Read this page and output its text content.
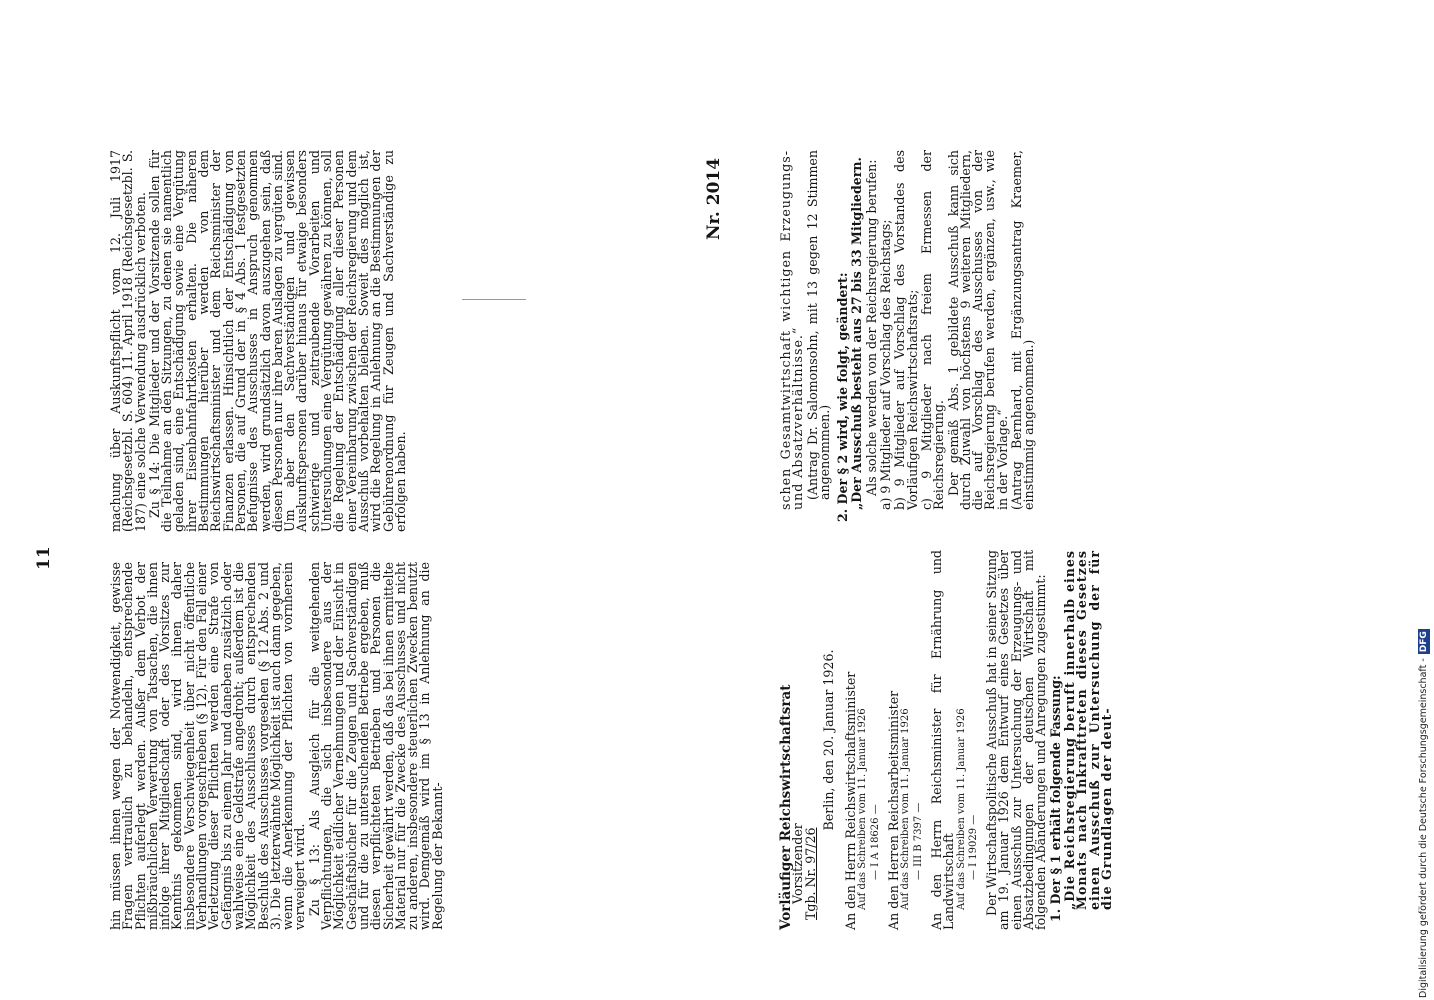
11

hin müssen ihnen wegen der Notwendigkeit, gewisse Fragen vertraulich zu behandeln, entsprechende Pflichten auferlegt werden. Außer dem Verbot der mißbräuchlichen Verwertung von Tatsachen, die ihnen infolge ihrer Mitgliedschaft oder des Vorsitzes zur Kenntnis gekommen sind, wird ihnen daher insbesondere Verschwiegenheit über nicht öffentliche Verhandlungen vorgeschrieben (§ 12). Für den Fall einer Verletzung dieser Pflichten werden eine Strafe von Gefängnis bis zu einem Jahr und daneben zusätzlich oder wahlweise eine Geldstrafe angedroht; außerdem ist die Möglichkeit des Ausschlusses durch entsprechenden Beschluß des Ausschusses vorgesehen (§ 12 Abs. 2 und 3). Die letzterwähnte Möglichkeit ist auch dann gegeben, wenn die Anerkennung der Pflichten von vornherein verweigert wird. Zu § 13: Als Ausgleich für die weitgehenden Verpflichtungen, die sich insbesondere aus der Möglichkeit eidlicher Vernehmungen und der Einsicht in Geschäftsbücher für die Zeugen und Sachverständigen und für die zu untersuchenden Betriebe ergeben, muß diesen verpflichteten Betrieben und Personen die Sicherheit gewährt werden, daß das bei ihnen ermittelte Material nur für die Zwecke des Ausschusses und nicht zu anderen, insbesondere steuerlichen Zwecken benutzt wird. Demgemäß wird im § 13 in Anlehnung an die Regelung der Bekannt-

machung über Auskunftspflicht vom 12. Juli 1917 (Reichsgesetzbl. S. 604) 11. April 1918 (Reichsgesetzbl. S. 187) eine solche Verwendung ausdrücklich verboten. Zu § 14: Die Mitglieder und der Vorsitzende sollen für die Teilnahme an den Sitzungen, zu denen sie namentlich geladen sind, eine Entschädigung sowie eine Vergütung ihrer Eisenbahnfahrtkosten erhalten. Die näheren Bestimmungen hierüber werden von dem Reichswirtschaftsminister und dem Reichsminister der Finanzen erlassen. Hinsichtlich der Entschädigung von Personen, die auf Grund der in § 4 Abs. 1 festgesetzten Befugnisse des Ausschusses in Anspruch genommen werden, wird grundsätzlich davon auszugehen sein, daß diesen Personen nur ihre baren Auslagen zu vergüten sind. Um aber den Sachverständigen und gewissen Auskunftspersonen darüber hinaus für etwaige besonders schwierige und zeitraubende Vorarbeiten und Untersuchungen eine Vergütung gewähren zu können, soll die Regelung der Entschädigung aller dieser Personen einer Vereinbarung zwischen der Reichsregierung und dem Ausschuß vorbehalten bleiben. Soweit dies möglich ist, wird die Regelung in Anlehnung an die Bestimmungen der Gebührenordnung für Zeugen und Sachverständige zu erfolgen haben.

Nr. 2014
Vorläufiger Reichswirtschaftsrat
Vorsitzender
Tgb. Nr. 97/26
Berlin, den 20. Januar 1926. An den Herrn Reichswirtschaftsminister Auf das Schreiben vom 11. Januar 1926 — I A 18626 — An den Herren Reichsarbeitsminister Auf das Schreiben vom 11. Januar 1926 — III B 7397 — An den Herrn Reichsminister für Ernährung und Landwirtschaft Auf das Schreiben vom 11. Januar 1926 — I 19029 — Der Wirtschaftspolitische Ausschuß hat in seiner Sitzung am 19. Januar 1926 dem Entwurf eines Gesetzes über einen Ausschuß zur Untersuchung der Erzeugungs- und Absatzbedingungen der deutschen Wirtschaft mit folgenden Abänderungen und Anregungen zugestimmt: 1. Der § 1 erhält folgende Fassung: „Die Reichsregierung beruft innerhalb eines Monats nach Inkrafttreten dieses Gesetzes einen Ausschuß zur Untersuchung der für die Grundlagen der deut-

schen Gesamtwirtschaft wichtigen Erzeugungs- und Absatzverhältnisse.“ (Antrag Dr. Salomonsohn, mit 13 gegen 12 Stimmen angenommen.) 2. Der § 2 wird, wie folgt, geändert: „Der Ausschuß besteht aus 27 bis 33 Mitgliedern. Als solche werden von der Reichsregierung berufen: a) 9 Mitglieder auf Vorschlag des Reichstags; b) 9 Mitglieder auf Vorschlag des Vorstandes des Vorläufigen Reichswirtschaftsrats; c) 9 Mitglieder nach freiem Ermessen der Reichsregierung. Der gemäß Abs. 1 gebildete Ausschuß kann sich durch Zuwahl von höchstens 9 weiteren Mitgliedern, die auf Vorschlag des Ausschusses von der Reichsregierung berufen werden, ergänzen, usw., wie in der Vorlage.“ (Antrag Bernhard, mit Ergänzungsantrag Kraemer, einstimmig angenommen.)

Digitalisierung gefördert durch die Deutsche Forschungsgemeinschaft -DFG
